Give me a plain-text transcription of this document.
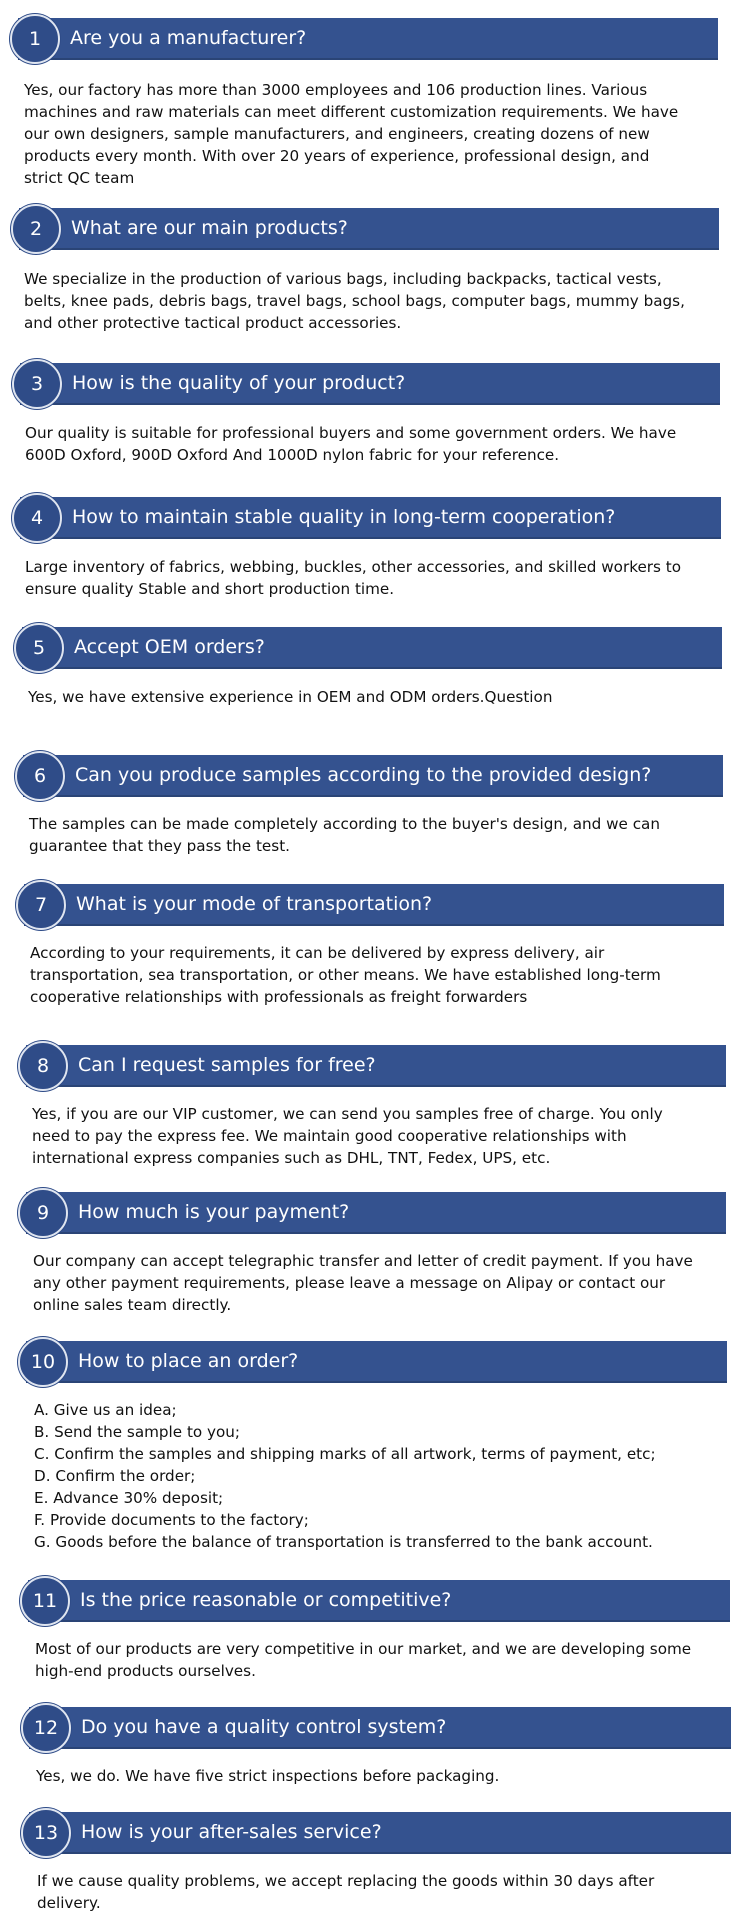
Are you a manufacturer?
1
Yes, our factory has more than 3000 employees and 106 production lines. Various
machines and raw materials can meet different customization requirements. We have
our own designers, sample manufacturers, and engineers, creating dozens of new
products every month. With over 20 years of experience, professional design, and
strict QC team
What are our main products?
2
We specialize in the production of various bags, including backpacks, tactical vests,
belts, knee pads, debris bags, travel bags, school bags, computer bags, mummy bags,
and other protective tactical product accessories.
How is the quality of your product?
3
Our quality is suitable for professional buyers and some government orders. We have
600D Oxford, 900D Oxford And 1000D nylon fabric for your reference.
How to maintain stable quality in long-term cooperation?
4
Large inventory of fabrics, webbing, buckles, other accessories, and skilled workers to
ensure quality Stable and short production time.
Accept OEM orders?
5
Yes, we have extensive experience in OEM and ODM orders.Question
Can you produce samples according to the provided design?
6
The samples can be made completely according to the buyer's design, and we can
guarantee that they pass the test.
What is your mode of transportation?
7
According to your requirements, it can be delivered by express delivery, air
transportation, sea transportation, or other means. We have established long-term
cooperative relationships with professionals as freight forwarders
Can I request samples for free?
8
Yes, if you are our VIP customer, we can send you samples free of charge. You only
need to pay the express fee. We maintain good cooperative relationships with
international express companies such as DHL, TNT, Fedex, UPS, etc.
How much is your payment?
9
Our company can accept telegraphic transfer and letter of credit payment. If you have
any other payment requirements, please leave a message on Alipay or contact our
online sales team directly.
How to place an order?
10
A. Give us an idea;
B. Send the sample to you;
C. Confirm the samples and shipping marks of all artwork, terms of payment, etc;
D. Confirm the order;
E. Advance 30% deposit;
F. Provide documents to the factory;
G. Goods before the balance of transportation is transferred to the bank account.
Is the price reasonable or competitive?
11
Most of our products are very competitive in our market, and we are developing some
high-end products ourselves.
Do you have a quality control system?
12
Yes, we do. We have five strict inspections before packaging.
How is your after-sales service?
13
If we cause quality problems, we accept replacing the goods within 30 days after
delivery.
